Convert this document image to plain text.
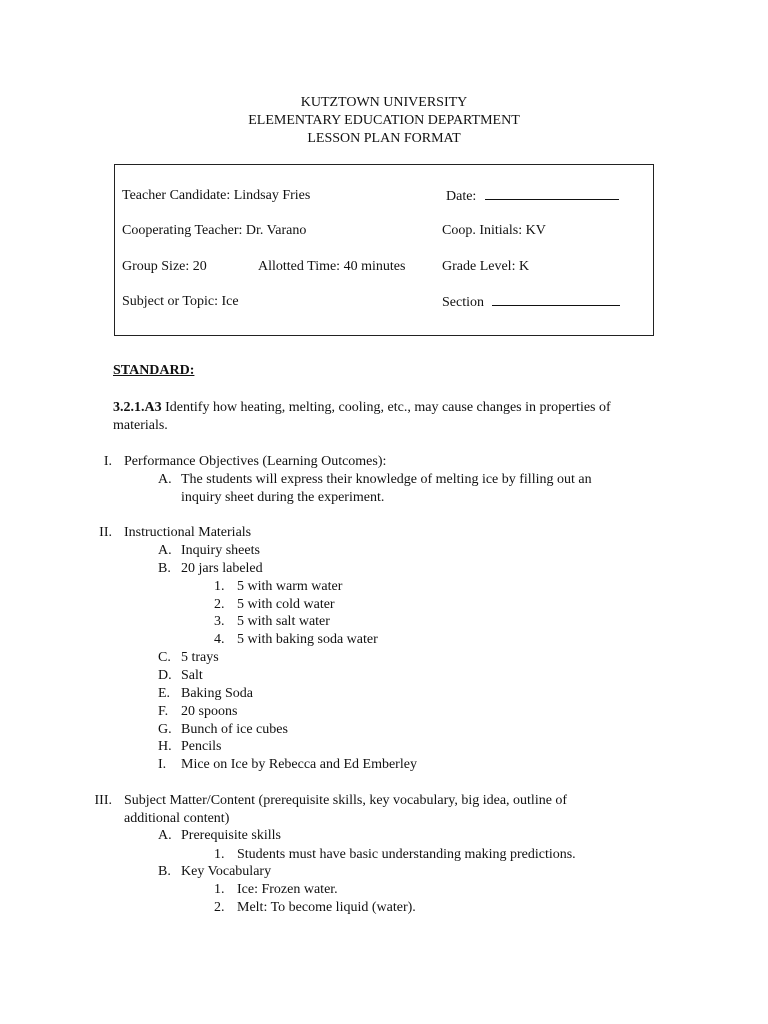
KUTZTOWN UNIVERSITY
ELEMENTARY EDUCATION DEPARTMENT
LESSON PLAN FORMAT
Teacher Candidate: Lindsay Fries	Date:
Cooperating Teacher: Dr. Varano	Coop. Initials: KV
Group Size: 20	Allotted Time: 40 minutes	Grade Level: K
Subject or Topic: Ice	Section
STANDARD:
3.2.1.A3 Identify how heating, melting, cooling, etc., may cause changes in properties of
materials.
I. Performance Objectives (Learning Outcomes):
A. The students will express their knowledge of melting ice by filling out an
inquiry sheet during the experiment.
II. Instructional Materials
A. Inquiry sheets
B. 20 jars labeled
1. 5 with warm water
2. 5 with cold water
3. 5 with salt water
4. 5 with baking soda water
C. 5 trays
D. Salt
E. Baking Soda
F. 20 spoons
G. Bunch of ice cubes
H. Pencils
I. Mice on Ice by Rebecca and Ed Emberley
III. Subject Matter/Content (prerequisite skills, key vocabulary, big idea, outline of
additional content)
A. Prerequisite skills
1. Students must have basic understanding making predictions.
B. Key Vocabulary
1. Ice: Frozen water.
2. Melt: To become liquid (water).
